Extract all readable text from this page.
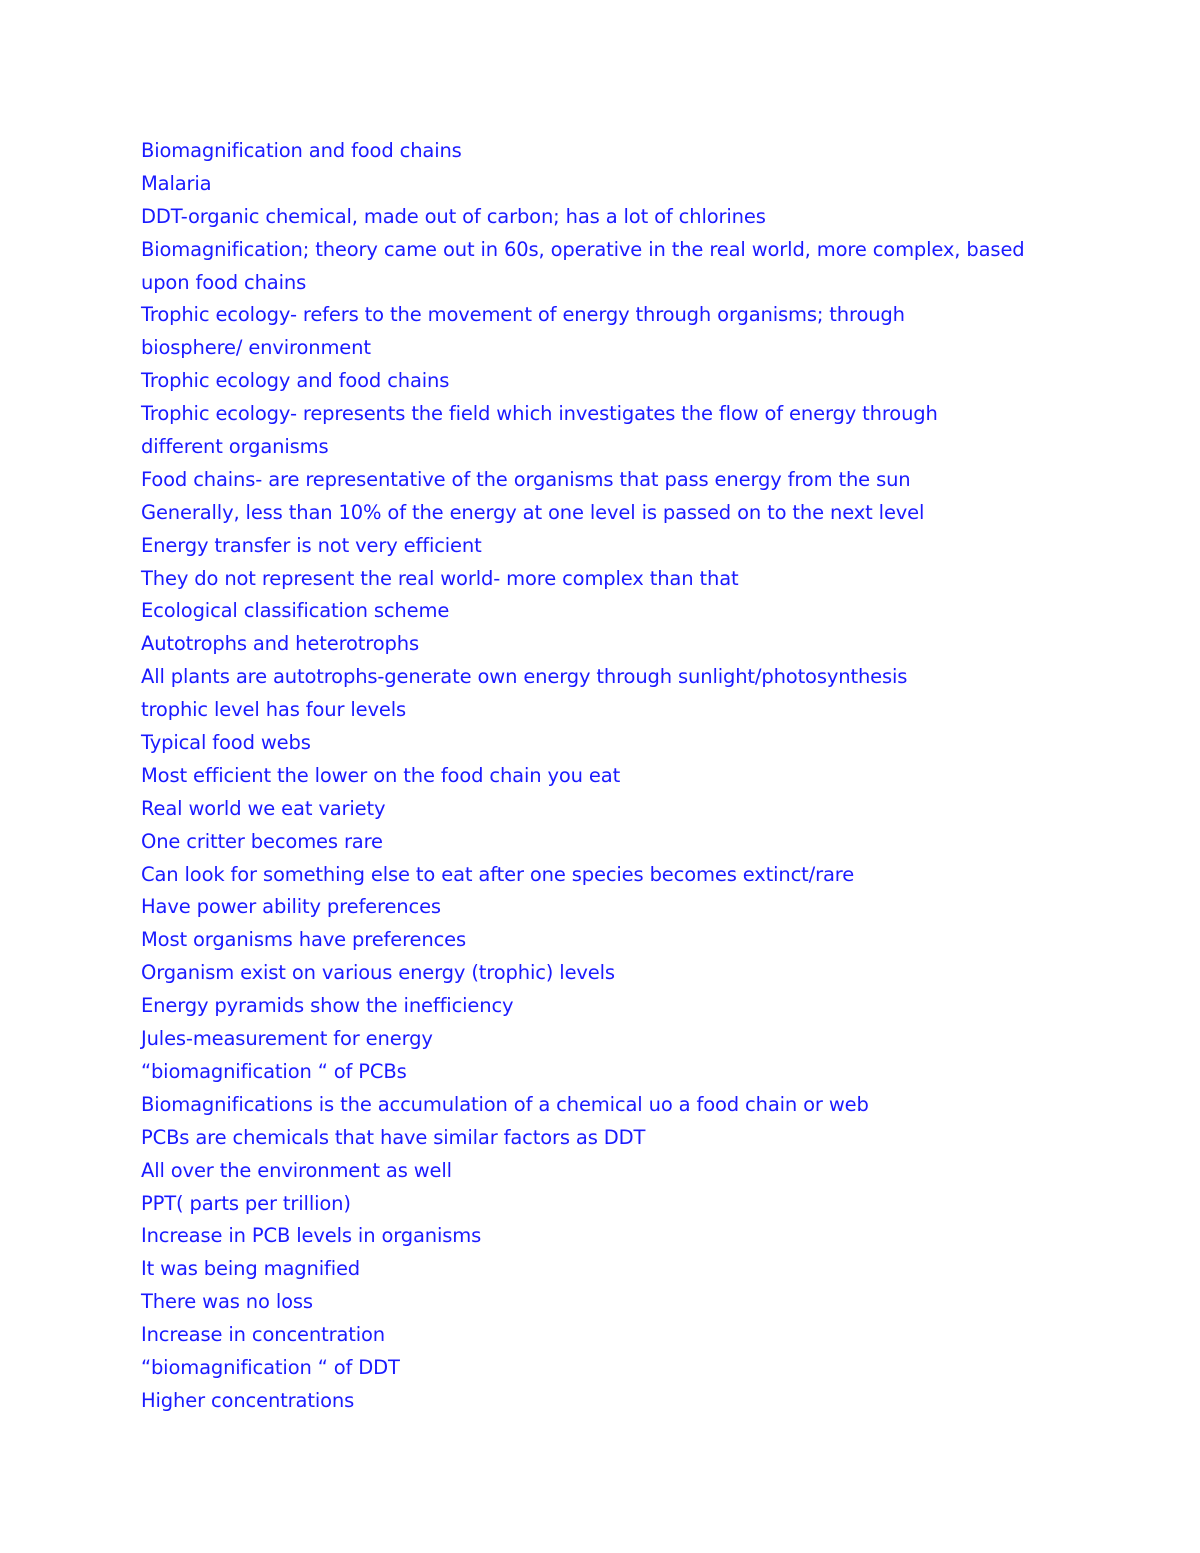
Biomagnification and food chains
Malaria
DDT-organic chemical, made out of carbon; has a lot of chlorines
Biomagnification; theory came out in 60s, operative in the real world, more complex, based
upon food chains
Trophic ecology- refers to the movement of energy through organisms; through
biosphere/ environment
Trophic ecology and food chains
Trophic ecology- represents the field which investigates the flow of energy through
different organisms
Food chains- are representative of the organisms that pass energy from the sun
Generally, less than 10% of the energy at one level is passed on to the next level
Energy transfer is not very efficient
They do not represent the real world- more complex than that
Ecological classification scheme
Autotrophs and heterotrophs
All plants are autotrophs-generate own energy through sunlight/photosynthesis
trophic level has four levels
Typical food webs
Most efficient the lower on the food chain you eat
Real world we eat variety
One critter becomes rare
Can look for something else to eat after one species becomes extinct/rare
Have power ability preferences
Most organisms have preferences
Organism exist on various energy (trophic) levels
Energy pyramids show the inefficiency
Jules-measurement for energy
“biomagnification “ of PCBs
Biomagnifications is the accumulation of a chemical uo a food chain or web
PCBs are chemicals that have similar factors as DDT
All over the environment as well
PPT( parts per trillion)
Increase in PCB levels in organisms
It was being magnified
There was no loss
Increase in concentration
“biomagnification “ of DDT
Higher concentrations
